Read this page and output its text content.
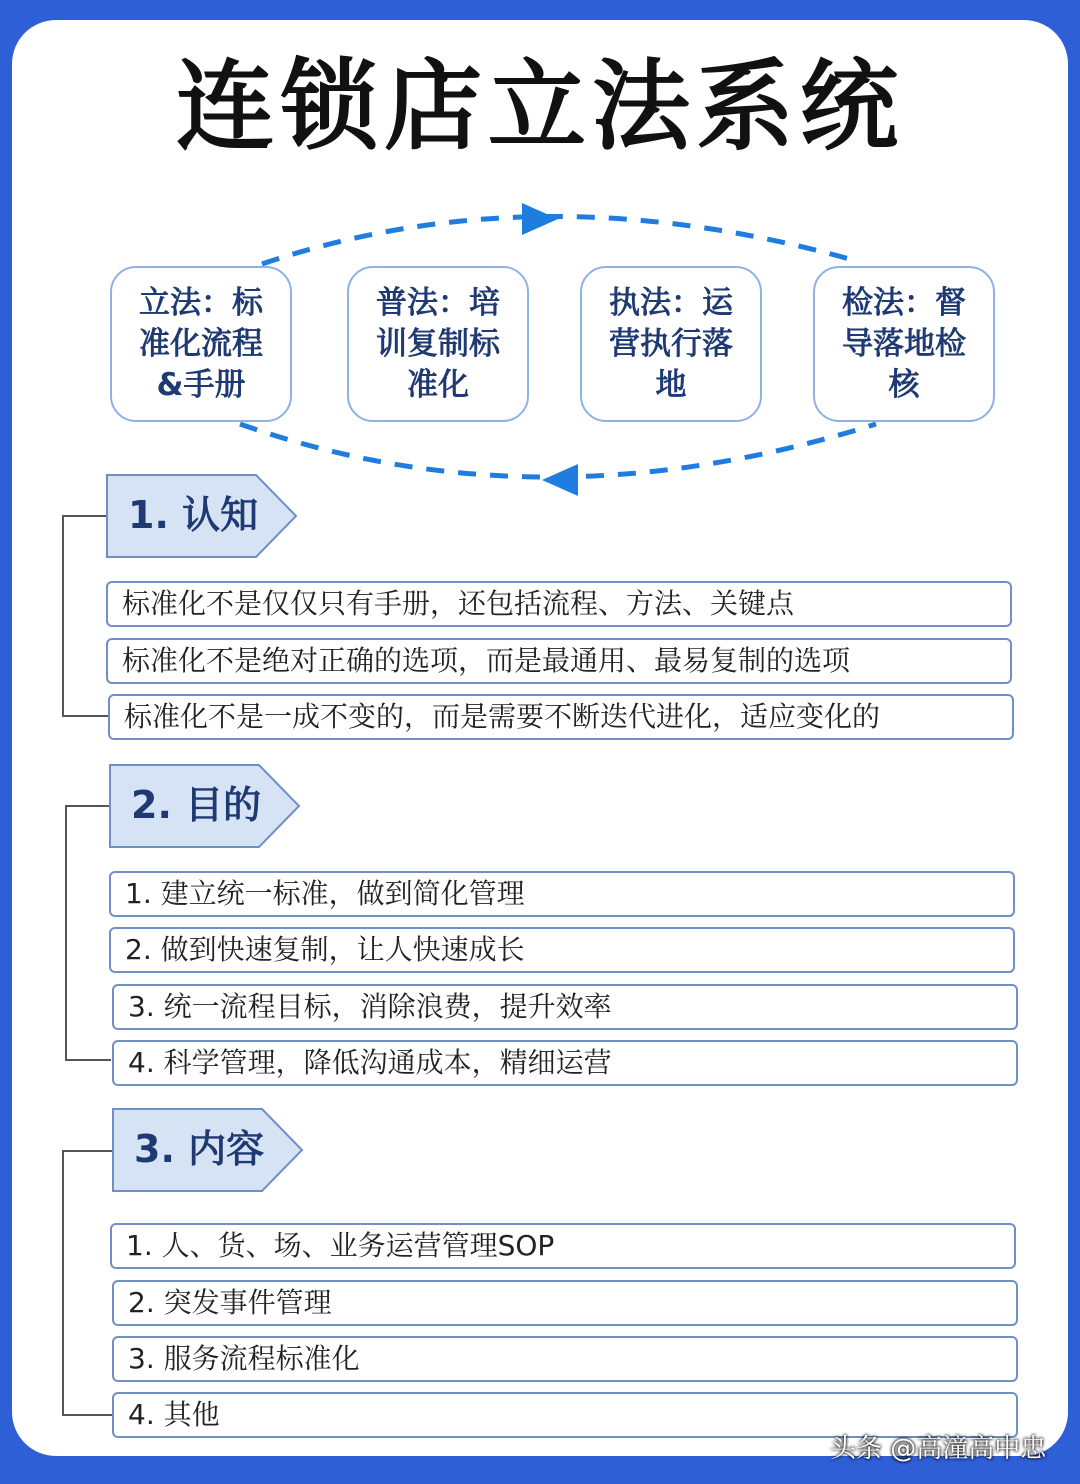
连锁店立法系统
立法：标准化流程&手册
普法：培训复制标准化
执法：运营执行落地
检法：督导落地检核
1. 认知
标准化不是仅仅只有手册，还包括流程、方法、关键点
标准化不是绝对正确的选项，而是最通用、最易复制的选项
标准化不是一成不变的，而是需要不断迭代进化，适应变化的
2. 目的
1. 建立统一标准，做到简化管理
2. 做到快速复制，让人快速成长
3. 统一流程目标，消除浪费，提升效率
4. 科学管理，降低沟通成本，精细运营
3. 内容
1. 人、货、场、业务运营管理SOP
2. 突发事件管理
3. 服务流程标准化
4. 其他
头条 @高潼高中忠
